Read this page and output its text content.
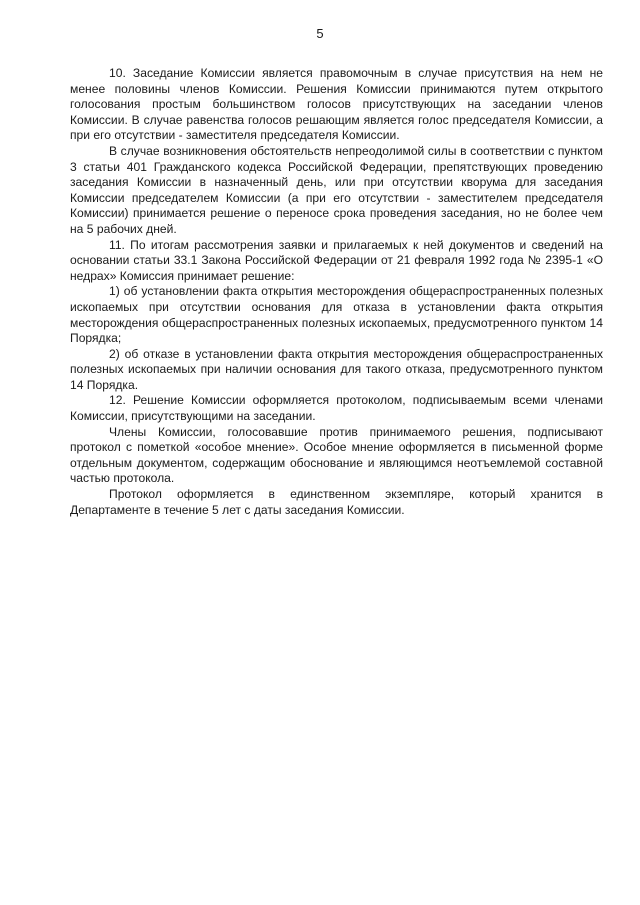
5

10. Заседание Комиссии является правомочным в случае присутствия на нем не менее половины членов Комиссии. Решения Комиссии принимаются путем открытого голосования простым большинством голосов присутствующих на заседании членов Комиссии. В случае равенства голосов решающим является голос председателя Комиссии, а при его отсутствии - заместителя председателя Комиссии.

В случае возникновения обстоятельств непреодолимой силы в соответствии с пунктом 3 статьи 401 Гражданского кодекса Российской Федерации, препятствующих проведению заседания Комиссии в назначенный день, или при отсутствии кворума для заседания Комиссии председателем Комиссии (а при его отсутствии - заместителем председателя Комиссии) принимается решение о переносе срока проведения заседания, но не более чем на 5 рабочих дней.

11. По итогам рассмотрения заявки и прилагаемых к ней документов и сведений на основании статьи 33.1 Закона Российской Федерации от 21 февраля 1992 года № 2395-1 «О недрах» Комиссия принимает решение:

1) об установлении факта открытия месторождения общераспространенных полезных ископаемых при отсутствии основания для отказа в установлении факта открытия месторождения общераспространенных полезных ископаемых, предусмотренного пунктом 14 Порядка;

2) об отказе в установлении факта открытия месторождения общераспространенных полезных ископаемых при наличии основания для такого отказа, предусмотренного пунктом 14 Порядка.

12. Решение Комиссии оформляется протоколом, подписываемым всеми членами Комиссии, присутствующими на заседании.

Члены Комиссии, голосовавшие против принимаемого решения, подписывают протокол с пометкой «особое мнение». Особое мнение оформляется в письменной форме отдельным документом, содержащим обоснование и являющимся неотъемлемой составной частью протокола.

Протокол оформляется в единственном экземпляре, который хранится в Департаменте в течение 5 лет с даты заседания Комиссии.
